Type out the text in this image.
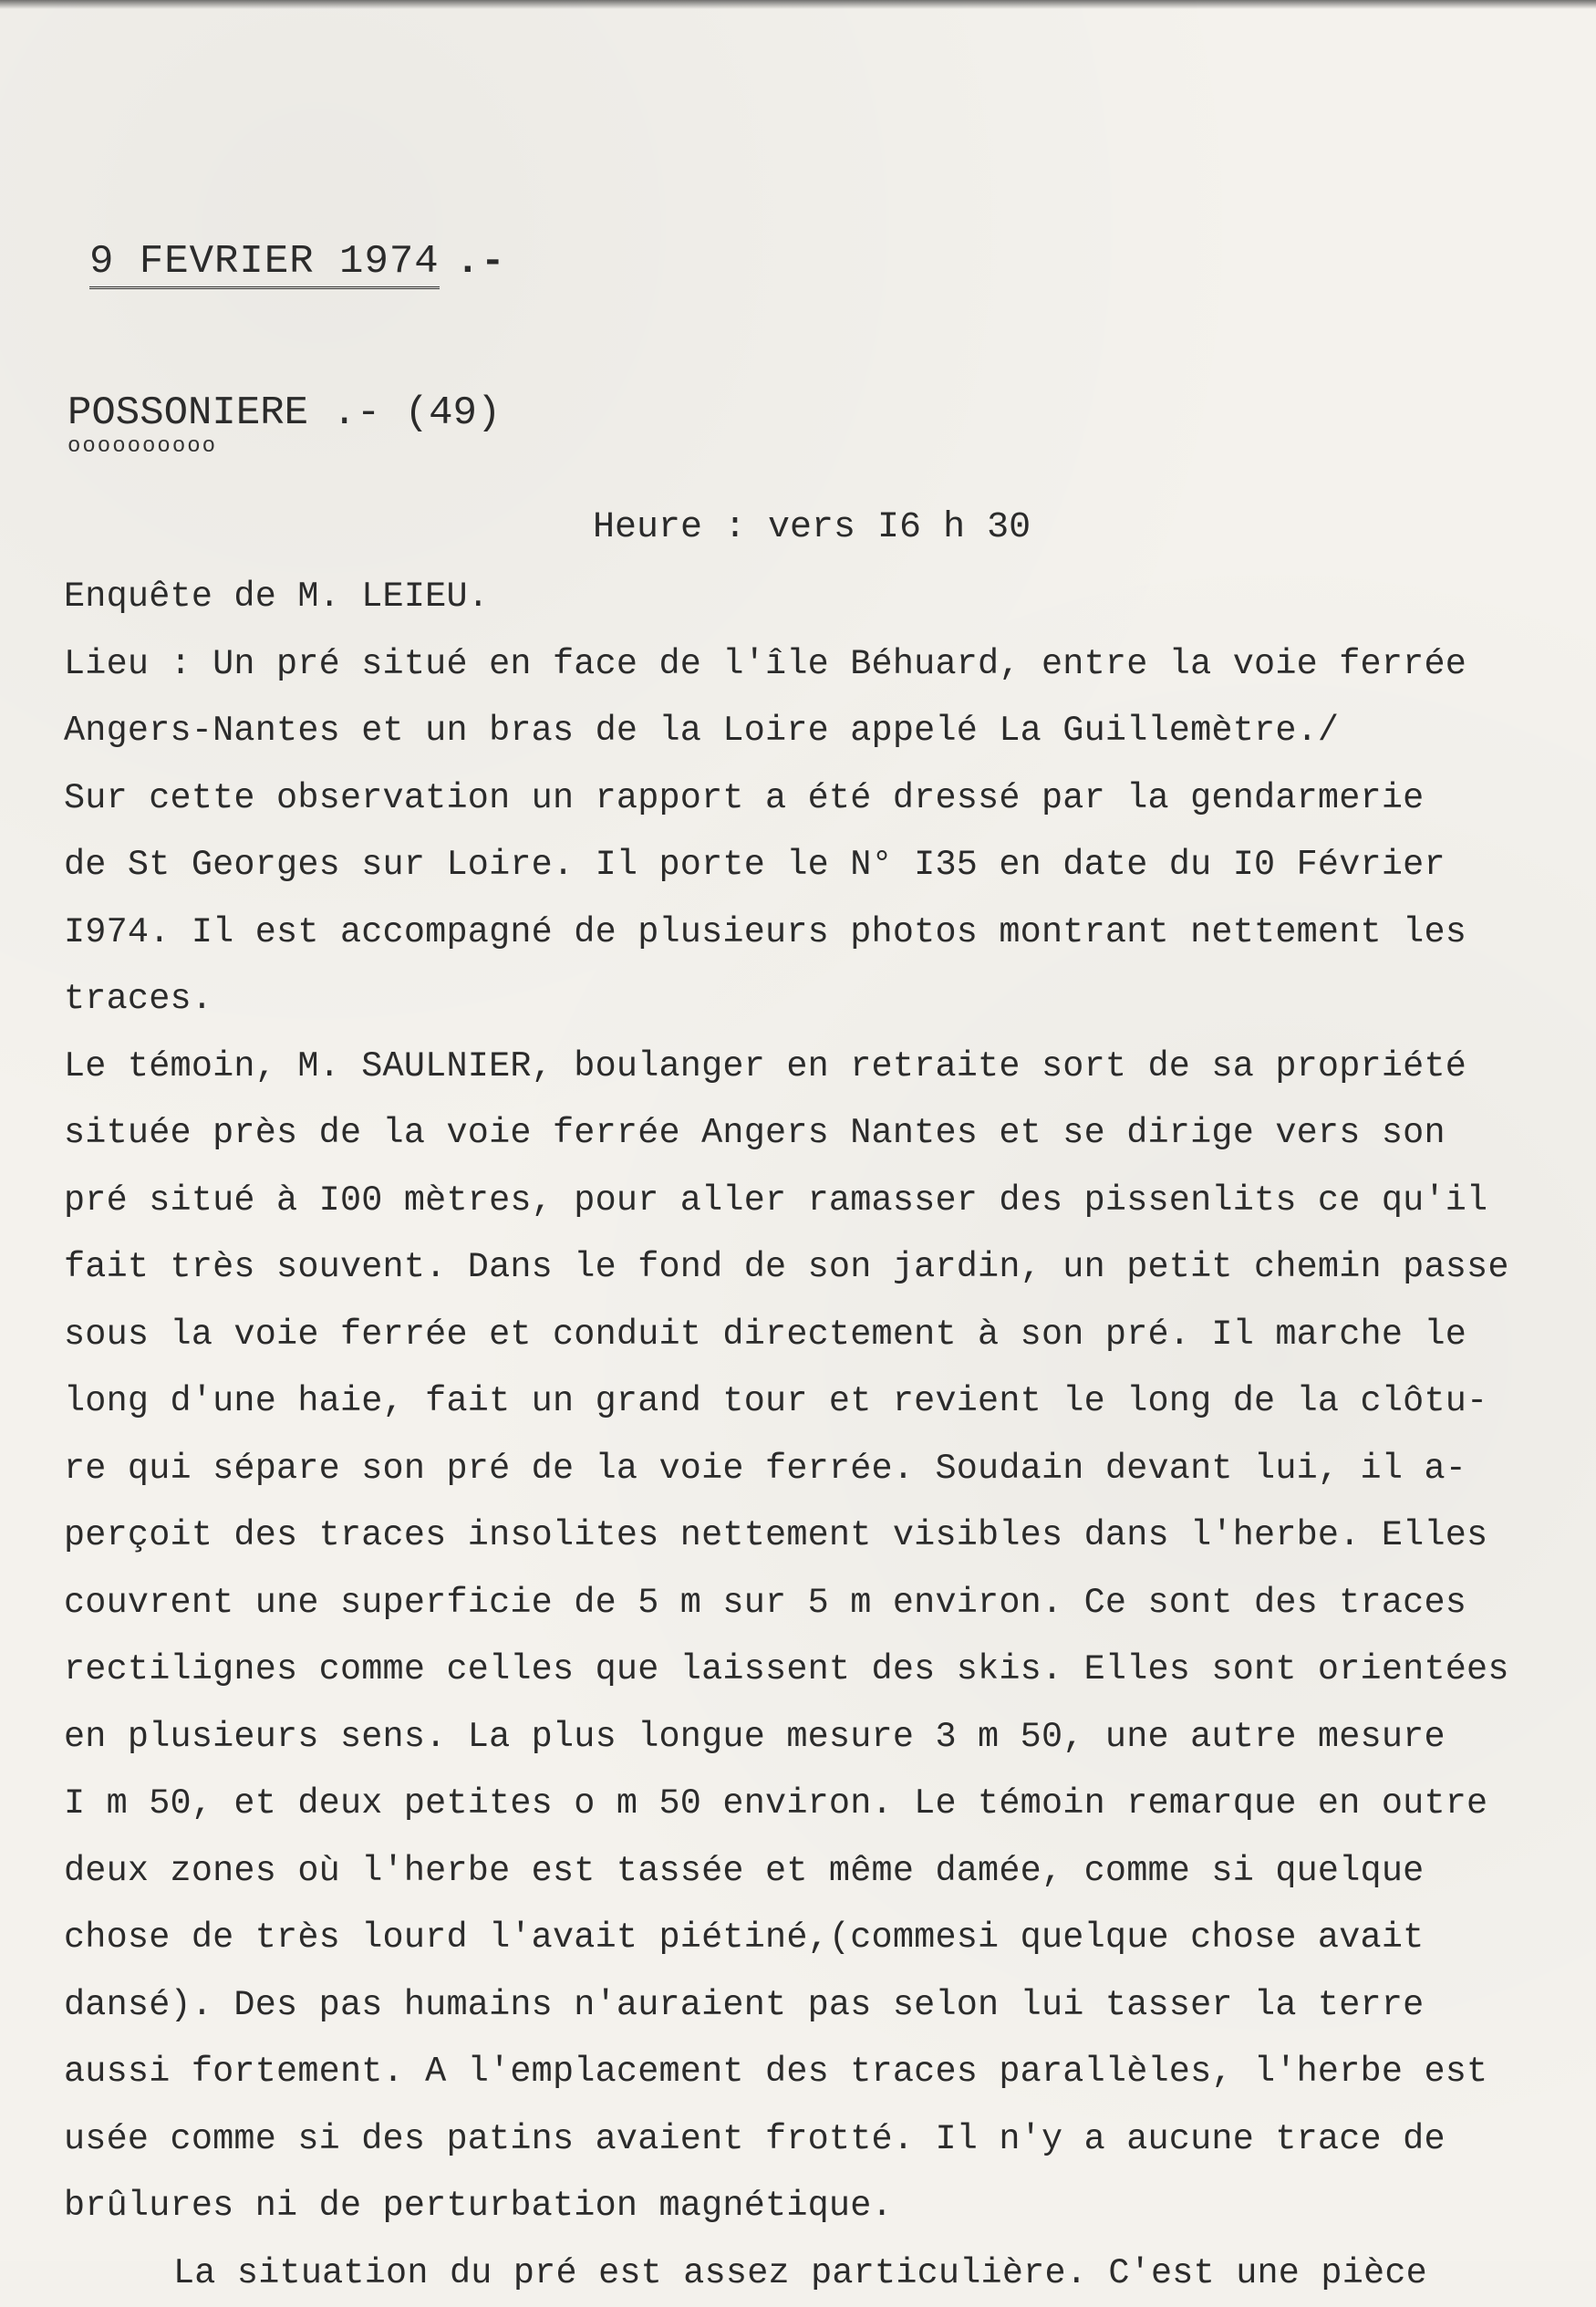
9 FEVRIER 1974 .-
POSSONIERE .- (49)
oooooooooo
Heure : vers I6 h 30

Enquête de M. LEIEU.

Lieu : Un pré situé en face de l'île Béhuard, entre la voie ferrée

Angers-Nantes et un bras de la Loire appelé La Guillemètre./

Sur cette observation un rapport a été dressé par la gendarmerie

de St Georges sur Loire. Il porte le N° I35 en date du I0 Février

I974. Il est accompagné de plusieurs photos montrant nettement les

traces.

Le témoin, M. SAULNIER, boulanger en retraite sort de sa propriété

située près de la voie ferrée Angers Nantes et se dirige vers son

pré situé à I00 mètres, pour aller ramasser des pissenlits ce qu'il

fait très souvent. Dans le fond de son jardin, un petit chemin passe

sous la voie ferrée et conduit directement à son pré. Il marche le

long d'une haie, fait un grand tour et revient le long de la clôtu-

re qui sépare son pré de la voie ferrée. Soudain devant lui, il a-

perçoit des traces insolites nettement visibles dans l'herbe. Elles

couvrent une superficie de 5 m sur 5 m environ. Ce sont des traces

rectilignes comme celles que laissent des skis. Elles sont orientées

en plusieurs sens. La plus longue mesure 3 m 50, une autre mesure

I m 50, et deux petites o m 50 environ. Le témoin remarque en outre

deux zones où l'herbe est tassée et même damée, comme si quelque

chose de très lourd l'avait piétiné,(commesi quelque chose avait

dansé). Des pas humains n'auraient pas selon lui tasser la terre

aussi fortement. A l'emplacement des traces parallèles, l'herbe est

usée comme si des patins avaient frotté. Il n'y a aucune trace de

brûlures ni de perturbation magnétique.

La situation du pré est assez particulière. C'est une pièce
